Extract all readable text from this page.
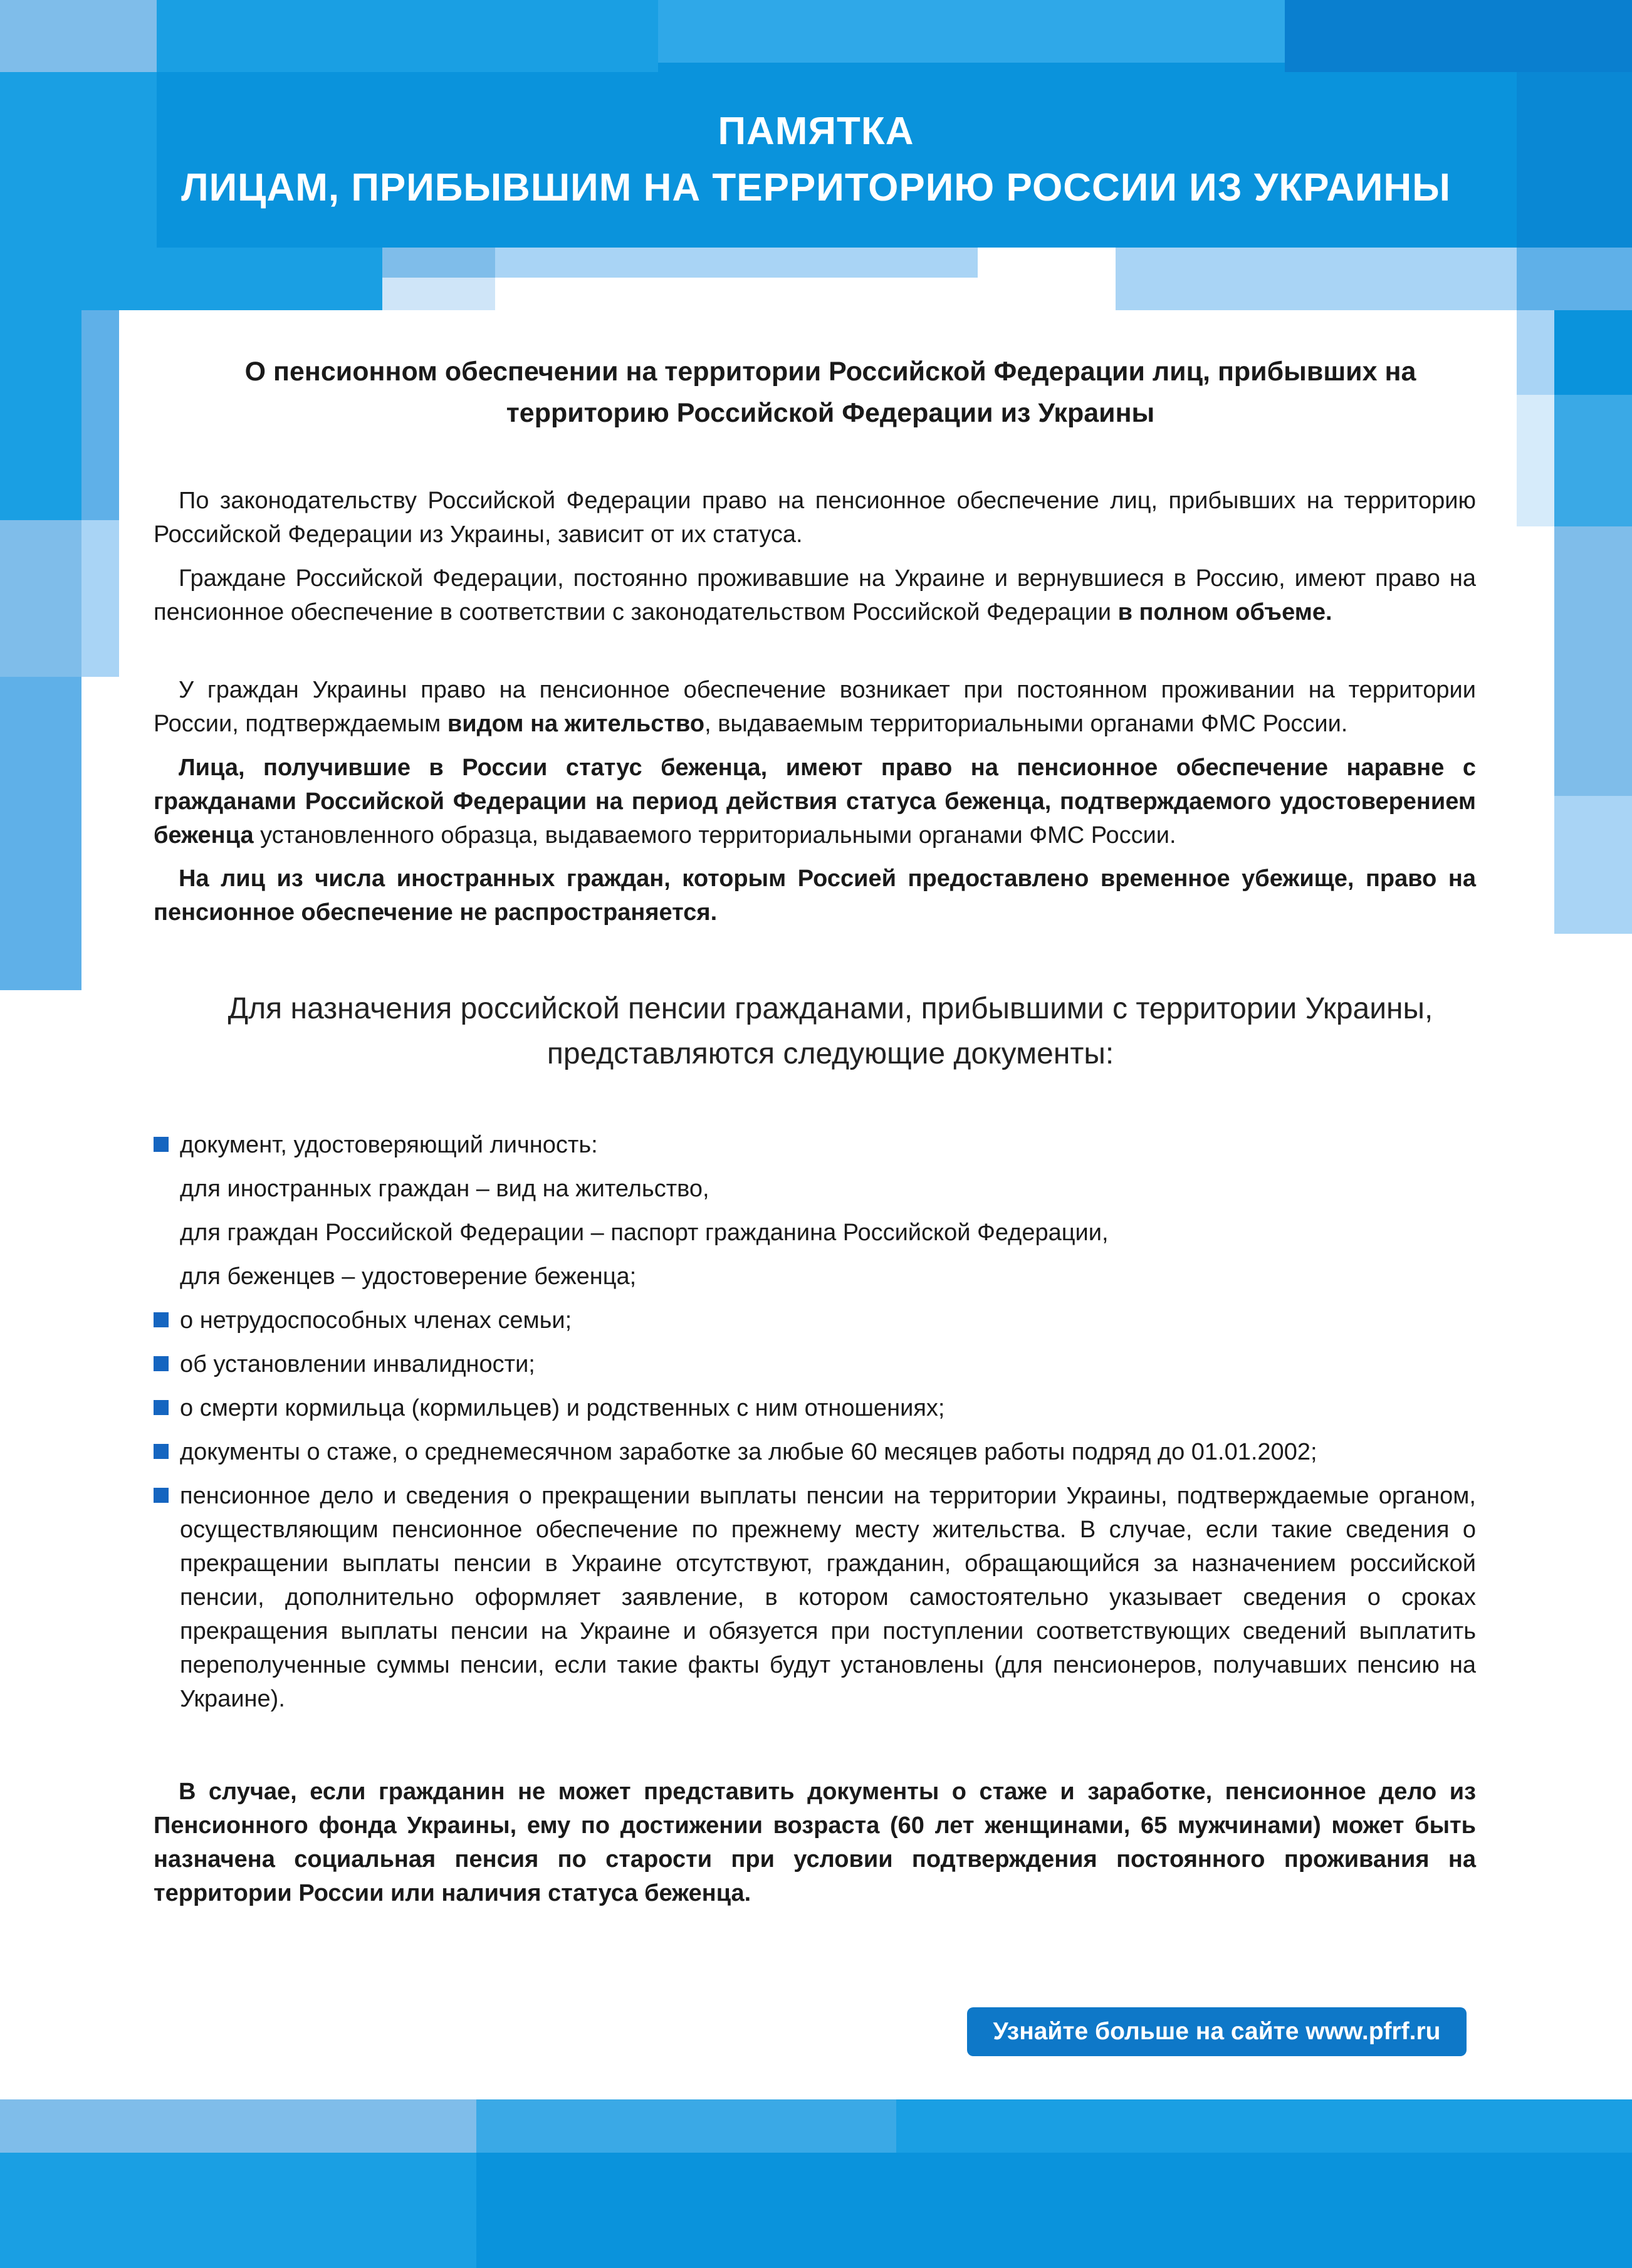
ПАМЯТКА
ЛИЦАМ, ПРИБЫВШИМ НА ТЕРРИТОРИЮ РОССИИ ИЗ УКРАИНЫ
О пенсионном обеспечении на территории Российской Федерации лиц, прибывших на
территорию Российской Федерации из Украины

По законодательству Российской Федерации право на пенсионное обеспечение лиц, прибывших на территорию Российской Федерации из Украины, зависит от их статуса.

Граждане Российской Федерации, постоянно проживавшие на Украине и вернувшиеся в Россию, имеют право на пенсионное обеспечение в соответствии с законодательством Российской Федерации в полном объеме.

У граждан Украины право на пенсионное обеспечение возникает при постоянном проживании на территории России, подтверждаемым видом на жительство, выдаваемым территориальными органами ФМС России.

Лица, получившие в России статус беженца, имеют право на пенсионное обеспечение наравне с гражданами Российской Федерации на период действия статуса беженца, подтверждаемого удостоверением беженца установленного образца, выдаваемого территориальными органами ФМС России.

На лиц из числа иностранных граждан, которым Россией предоставлено временное убежище, право на пенсионное обеспечение не распространяется.

Для назначения российской пенсии гражданами, прибывшими с территории Украины,
представляются следующие документы:
документ, удостоверяющий личность:
для иностранных граждан – вид на жительство,
для граждан Российской Федерации – паспорт гражданина Российской Федерации,
для беженцев – удостоверение беженца;
о нетрудоспособных членах семьи;
об установлении инвалидности;
о смерти кормильца (кормильцев) и родственных с ним отношениях;
документы о стаже, о среднемесячном заработке за любые 60 месяцев работы подряд до 01.01.2002;
пенсионное дело и сведения о прекращении выплаты пенсии на территории Украины, подтверждаемые органом, осуществляющим пенсионное обеспечение по прежнему месту жительства. В случае, если такие сведения о прекращении выплаты пенсии в Украине отсутствуют, гражданин, обращающийся за назначением российской пенсии, дополнительно оформляет заявление, в котором самостоятельно указывает сведения о сроках прекращения выплаты пенсии на Украине и обязуется при поступлении соответствующих сведений выплатить переполученные суммы пенсии, если такие факты будут установлены (для пенсионеров, получавших пенсию на Украине).

В случае, если гражданин не может представить документы о стаже и заработке, пенсионное дело из Пенсионного фонда Украины, ему по достижении возраста (60 лет женщинами, 65 мужчинами) может быть назначена социальная пенсия по старости при условии подтверждения постоянного проживания на территории России или наличия статуса беженца.

Узнайте больше на сайте www.pfrf.ru
